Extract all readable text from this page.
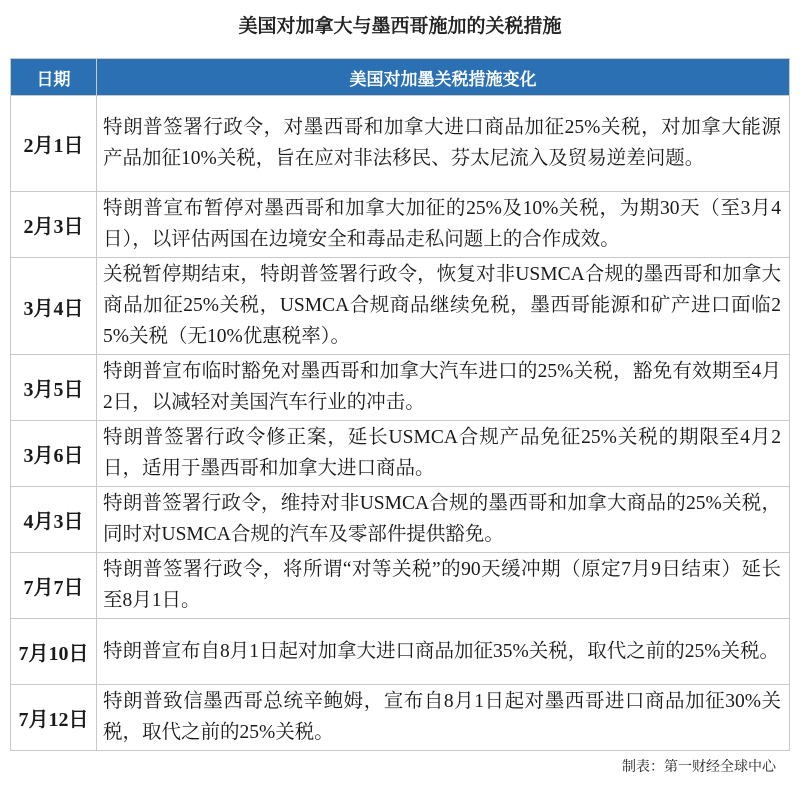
美国对加拿大与墨西哥施加的关税措施
日期	美国对加墨关税措施变化
2月1日	特朗普签署行政令，对墨西哥和加拿大进口商品加征25%关税，对加拿大能源产品加征10%关税，旨在应对非法移民、芬太尼流入及贸易逆差问题。
2月3日	特朗普宣布暂停对墨西哥和加拿大加征的25%及10%关税，为期30天（至3月4日），以评估两国在边境安全和毒品走私问题上的合作成效。
3月4日	关税暂停期结束，特朗普签署行政令，恢复对非USMCA合规的墨西哥和加拿大商品加征25%关税，USMCA合规商品继续免税，墨西哥能源和矿产进口面临25%关税（无10%优惠税率）。
3月5日	特朗普宣布临时豁免对墨西哥和加拿大汽车进口的25%关税，豁免有效期至4月2日，以减轻对美国汽车行业的冲击。
3月6日	特朗普签署行政令修正案，延长USMCA合规产品免征25%关税的期限至4月2日，适用于墨西哥和加拿大进口商品。
4月3日	特朗普签署行政令，维持对非USMCA合规的墨西哥和加拿大商品的25%关税，同时对USMCA合规的汽车及零部件提供豁免。
7月7日	特朗普签署行政令，将所谓“对等关税”的90天缓冲期（原定7月9日结束）延长至8月1日。
7月10日	特朗普宣布自8月1日起对加拿大进口商品加征35%关税，取代之前的25%关税。
7月12日	特朗普致信墨西哥总统辛鲍姆，宣布自8月1日起对墨西哥进口商品加征30%关税，取代之前的25%关税。
制表：第一财经全球中心
